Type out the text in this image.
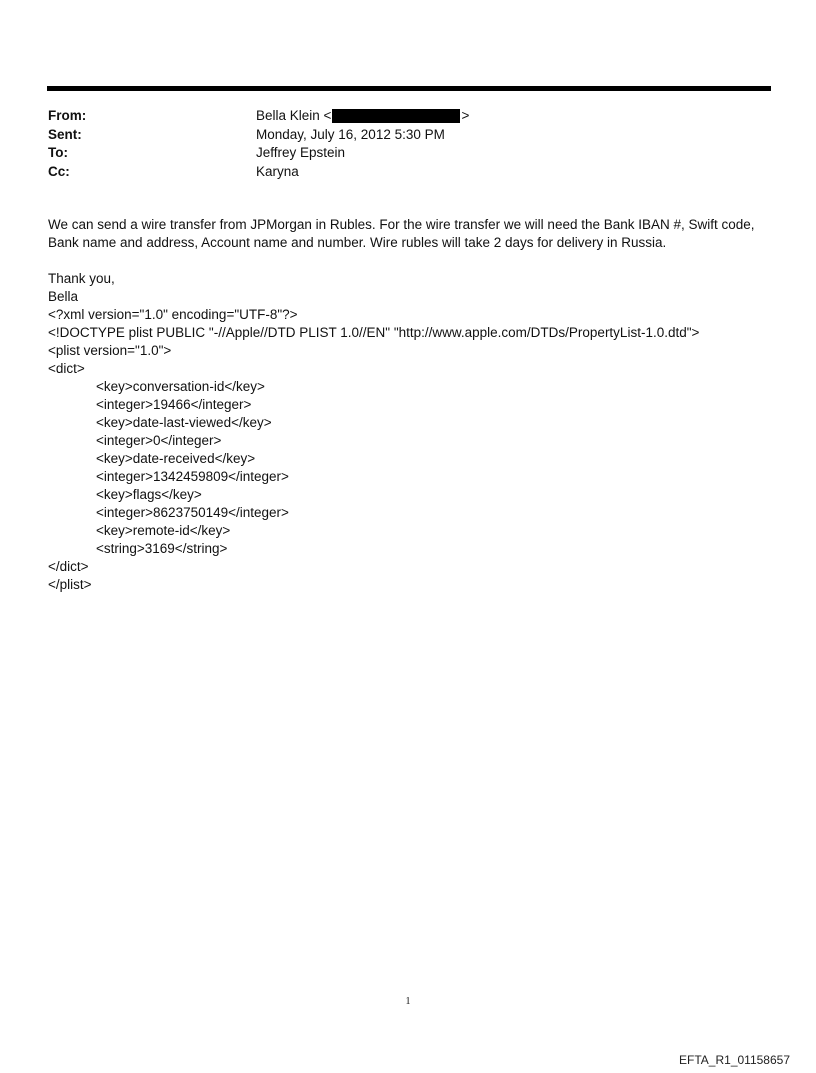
From:	Bella Klein <	>
Sent:	Monday, July 16, 2012 5:30 PM
To:	Jeffrey Epstein
Cc:	Karyna

We can send a wire transfer from JPMorgan in Rubles. For the wire transfer we will need the Bank IBAN #, Swift code,

Bank name and address, Account name and number. Wire rubles will take 2 days for delivery in Russia.

Thank you,

Bella

<?xml version="1.0" encoding="UTF-8"?>

<!DOCTYPE plist PUBLIC "-//Apple//DTD PLIST 1.0//EN" "http://www.apple.com/DTDs/PropertyList-1.0.dtd">

<plist version="1.0">

<dict>

<key>conversation-id</key>

<integer>19466</integer>

<key>date-last-viewed</key>

<integer>0</integer>

<key>date-received</key>

<integer>1342459809</integer>

<key>flags</key>

<integer>8623750149</integer>

<key>remote-id</key>

<string>3169</string>

</dict>

</plist>

1
EFTA_R1_01158657
